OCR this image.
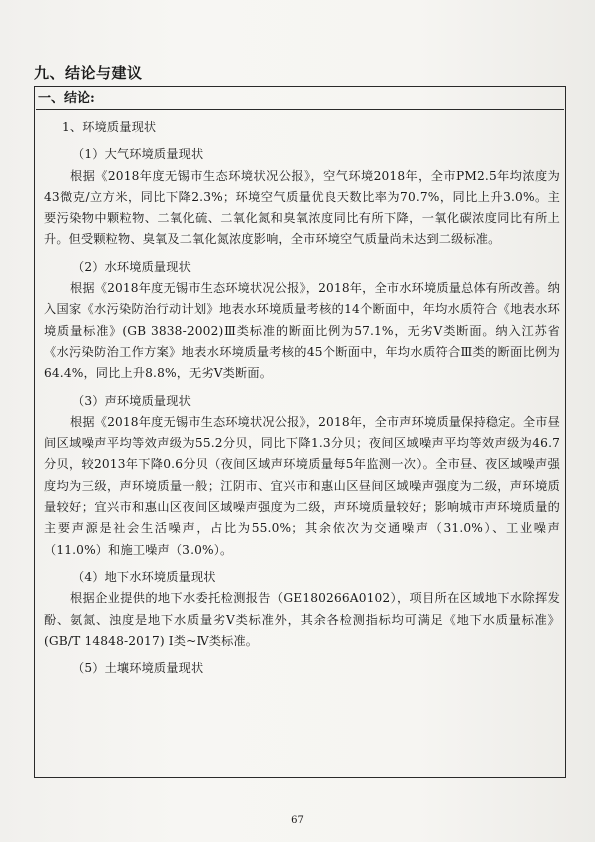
九、结论与建议
一、结论:

1、环境质量现状

（1）大气环境质量现状

根据《2018年度无锡市生态环境状况公报》，空气环境2018年，全市PM2.5年均浓度为43微克/立方米，同比下降2.3%；环境空气质量优良天数比率为70.7%，同比上升3.0%。主要污染物中颗粒物、二氧化硫、二氧化氮和臭氧浓度同比有所下降，一氧化碳浓度同比有所上升。但受颗粒物、臭氧及二氧化氮浓度影响，全市环境空气质量尚未达到二级标准。

（2）水环境质量现状

根据《2018年度无锡市生态环境状况公报》，2018年，全市水环境质量总体有所改善。纳入国家《水污染防治行动计划》地表水环境质量考核的14个断面中，年均水质符合《地表水环境质量标准》(GB 3838-2002)Ⅲ类标准的断面比例为57.1%，无劣Ⅴ类断面。纳入江苏省《水污染防治工作方案》地表水环境质量考核的45个断面中，年均水质符合Ⅲ类的断面比例为64.4%，同比上升8.8%，无劣Ⅴ类断面。

（3）声环境质量现状

根据《2018年度无锡市生态环境状况公报》，2018年，全市声环境质量保持稳定。全市昼间区域噪声平均等效声级为55.2分贝，同比下降1.3分贝；夜间区域噪声平均等效声级为46.7分贝，较2013年下降0.6分贝（夜间区域声环境质量每5年监测一次）。全市昼、夜区域噪声强度均为三级，声环境质量一般；江阴市、宜兴市和惠山区昼间区域噪声强度为二级，声环境质量较好；宜兴市和惠山区夜间区域噪声强度为二级，声环境质量较好；影响城市声环境质量的主要声源是社会生活噪声，占比为55.0%；其余依次为交通噪声（31.0%）、工业噪声（11.0%）和施工噪声（3.0%）。

（4）地下水环境质量现状

根据企业提供的地下水委托检测报告（GE180266A0102），项目所在区域地下水除挥发酚、氨氮、浊度是地下水质量劣Ⅴ类标准外，其余各检测指标均可满足《地下水质量标准》(GB/T 14848-2017) Ⅰ类~Ⅳ类标准。

（5）土壤环境质量现状

67
